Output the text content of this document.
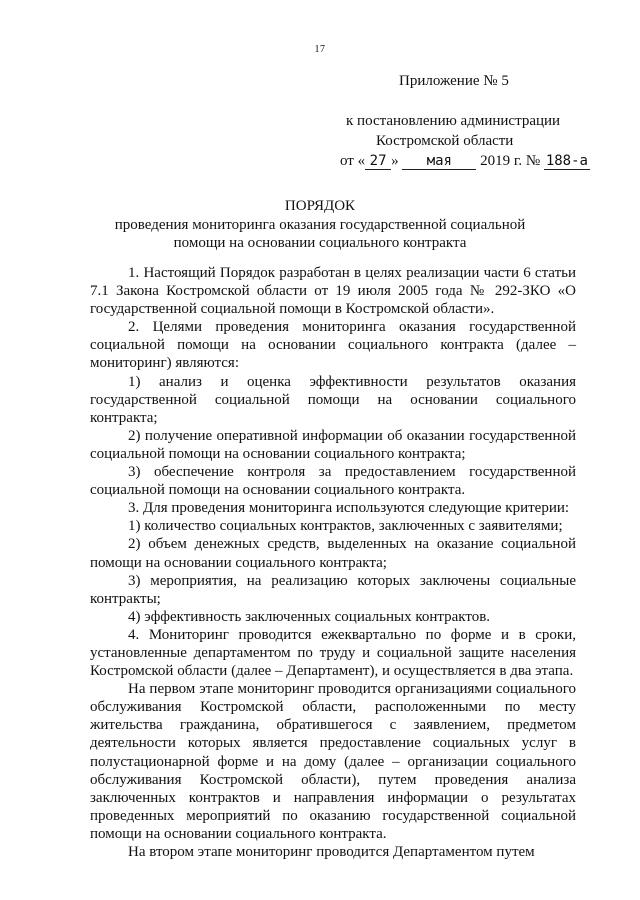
17
Приложение № 5
к постановлению администрации
Костромской области
от « 27 » мая 2019 г. № 188-а
ПОРЯДОК
проведения мониторинга оказания государственной социальной
помощи на основании социального контракта

1. Настоящий Порядок разработан в целях реализации части 6 статьи 7.1 Закона Костромской области от 19 июля 2005 года № 292-ЗКО «О государственной социальной помощи в Костромской области».

2. Целями проведения мониторинга оказания государственной социальной помощи на основании социального контракта (далее – мониторинг) являются:

1) анализ и оценка эффективности результатов оказания государственной социальной помощи на основании социального контракта;

2) получение оперативной информации об оказании государственной социальной помощи на основании социального контракта;

3) обеспечение контроля за предоставлением государственной социальной помощи на основании социального контракта.

3. Для проведения мониторинга используются следующие критерии:

1) количество социальных контрактов, заключенных с заявителями;

2) объем денежных средств, выделенных на оказание социальной помощи на основании социального контракта;

3) мероприятия, на реализацию которых заключены социальные контракты;

4) эффективность заключенных социальных контрактов.

4. Мониторинг проводится ежеквартально по форме и в сроки, установленные департаментом по труду и социальной защите населения Костромской области (далее – Департамент), и осуществляется в два этапа.

На первом этапе мониторинг проводится организациями социального обслуживания Костромской области, расположенными по месту жительства гражданина, обратившегося с заявлением, предметом деятельности которых является предоставление социальных услуг в полустационарной форме и на дому (далее – организации социального обслуживания Костромской области), путем проведения анализа заключенных контрактов и направления информации о результатах проведенных мероприятий по оказанию государственной социальной помощи на основании социального контракта.

На втором этапе мониторинг проводится Департаментом путем
